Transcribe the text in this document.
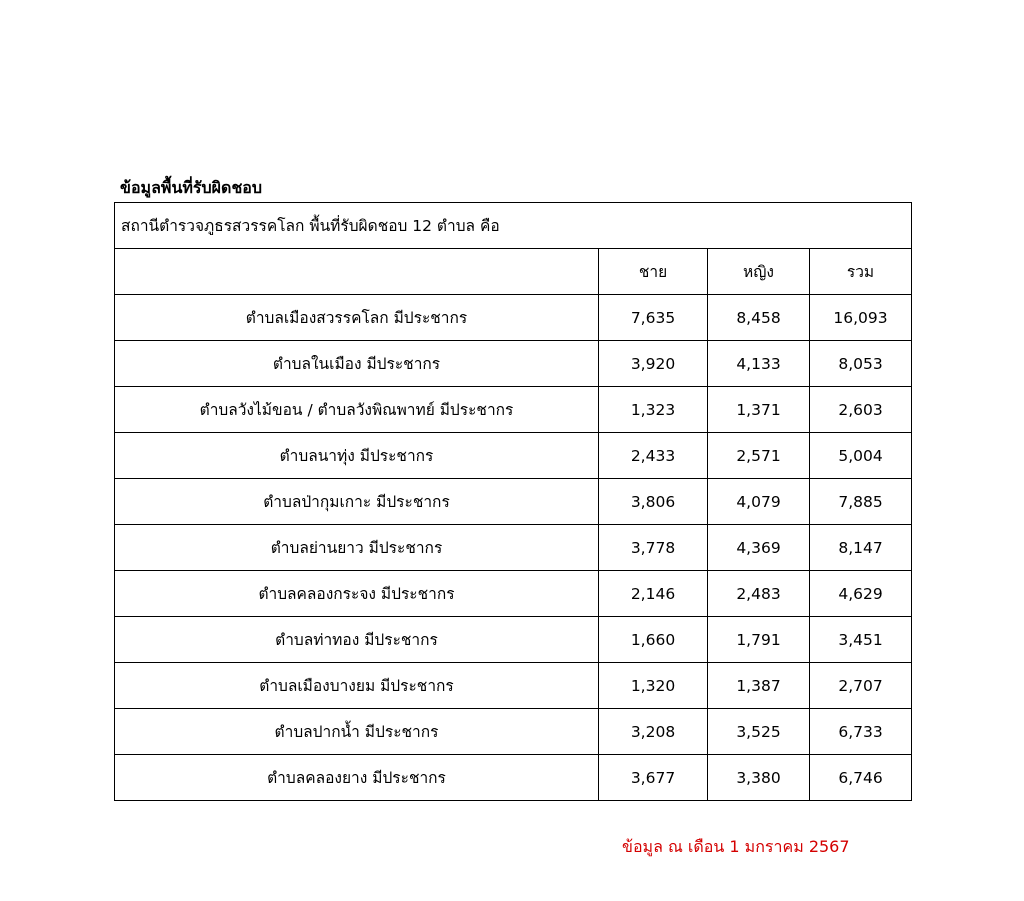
ข้อมูลพื้นที่รับผิดชอบ
สถานีตำรวจภูธรสวรรคโลก พื้นที่รับผิดชอบ 12 ตำบล คือ			
	ชาย	หญิง	รวม
ตำบลเมืองสวรรคโลก มีประชากร	7,635	8,458	16,093
ตำบลในเมือง มีประชากร	3,920	4,133	8,053
ตำบลวังไม้ขอน / ตำบลวังพิณพาทย์ มีประชากร	1,323	1,371	2,603
ตำบลนาทุ่ง มีประชากร	2,433	2,571	5,004
ตำบลป่ากุมเกาะ มีประชากร	3,806	4,079	7,885
ตำบลย่านยาว มีประชากร	3,778	4,369	8,147
ตำบลคลองกระจง มีประชากร	2,146	2,483	4,629
ตำบลท่าทอง มีประชากร	1,660	1,791	3,451
ตำบลเมืองบางยม มีประชากร	1,320	1,387	2,707
ตำบลปากน้ำ มีประชากร	3,208	3,525	6,733
ตำบลคลองยาง มีประชากร	3,677	3,380	6,746
ข้อมูล ณ เดือน 1 มกราคม 2567
